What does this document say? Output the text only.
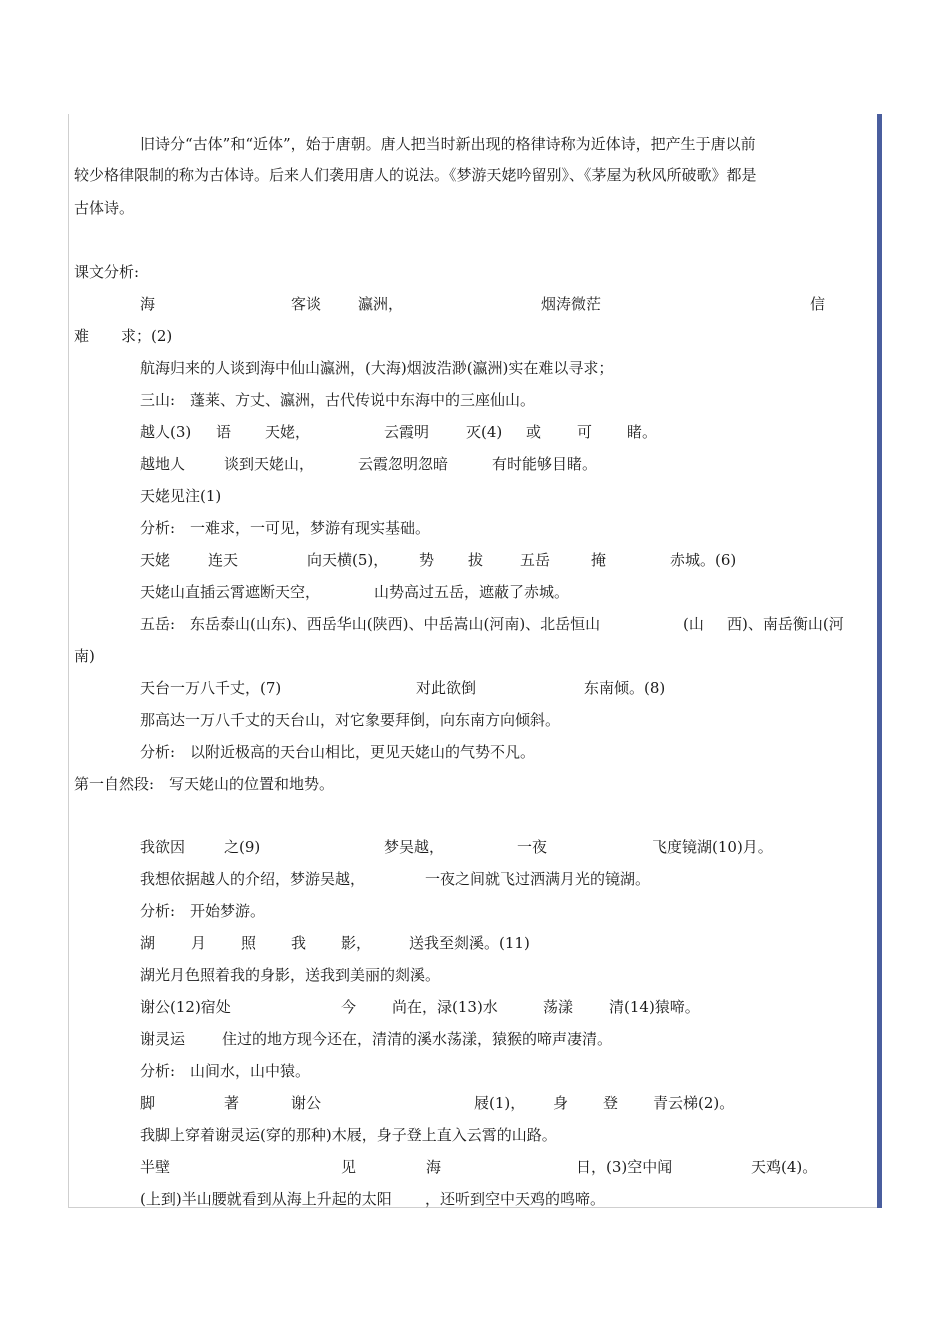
旧诗分“古体”和“近体”，始于唐朝。唐人把当时新出现的格律诗称为近体诗，把产生于唐以前
较少格律限制的称为古体诗。后来人们袭用唐人的说法。《梦游天姥吟留别》、《茅屋为秋风所破歌》都是
古体诗。
课文分析:
海	客谈 瀛洲，	烟涛微茫	信
难 求；(2)
航海归来的人谈到海中仙山瀛洲，(大海)烟波浩渺(瀛洲)实在难以寻求；
三山:　蓬莱、方丈、瀛洲，古代传说中东海中的三座仙山。
越人(3) 语 天姥，	云霞明 灭(4) 或 可 睹。
越地人	谈到天姥山，	云霞忽明忽暗	有时能够目睹。
天姥见注(1)
分析:　一难求，一可见，梦游有现实基础。
天姥	连天	向天横(5)， 势 拔 五岳	掩	赤城。(6)
天姥山直插云霄遮断天空，	山势高过五岳，遮蔽了赤城。
五岳:　东岳泰山(山东)、西岳华山(陕西)、中岳嵩山(河南)、北岳恒山	(山 西)、南岳衡山(河
南)
天台一万八千丈，(7)	对此欲倒	东南倾。(8)
那高达一万八千丈的天台山，对它象要拜倒，向东南方向倾斜。
分析:　以附近极高的天台山相比，更见天姥山的气势不凡。
第一自然段:　写天姥山的位置和地势。
我欲因	之(9)	梦吴越，	一夜	飞度镜湖(10)月。
我想依据越人的介绍，梦游吴越，	一夜之间就飞过洒满月光的镜湖。
分析:　开始梦游。
湖 月 照 我 影，	送我至剡溪。(11)
湖光月色照着我的身影，送我到美丽的剡溪。
谢公(12)宿处	今 尚在，渌(13)水	荡漾 清(14)猿啼。
谢灵运 住过的地方现今还在，清清的溪水荡漾，猿猴的啼声凄清。
分析:　山间水，山中猿。
脚	著	谢公	屐(1)， 身 登 青云梯(2)。
我脚上穿着谢灵运(穿的那种)木屐，身子登上直入云霄的山路。
半壁	见	海	日，(3)空中闻	天鸡(4)。
(上到)半山腰就看到从海上升起的太阳 ，还听到空中天鸡的鸣啼。
